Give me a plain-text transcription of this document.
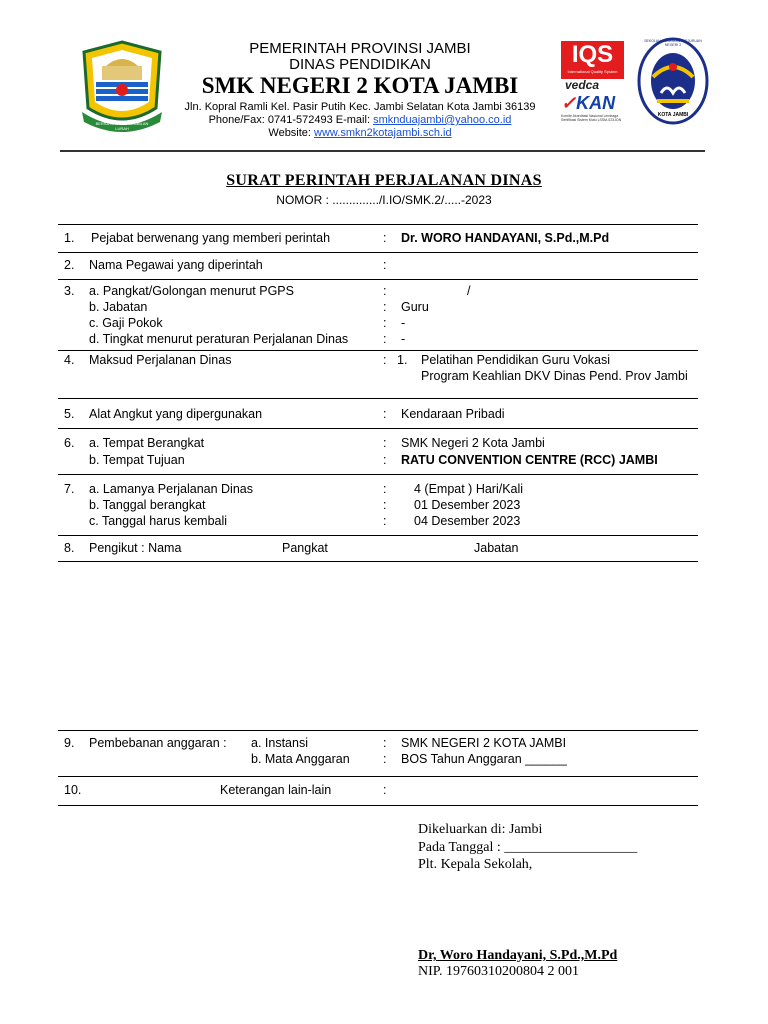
BERSATU JAMBI SEMBILAN LURAH
PEMERINTAH PROVINSI JAMBI
DINAS PENDIDIKAN
SMK NEGERI 2 KOTA JAMBI
Jln. Kopral Ramli Kel. Pasir Putih Kec. Jambi Selatan Kota Jambi 36139
Phone/Fax: 0741-572493 E-mail: smknduajambi@yahoo.co.id
Website: www.smkn2kotajambi.sch.id
IQS
International Quality System
vedca
✓KAN
Komite Akreditasi Nasional Lembaga Sertifikasi Sistem Mutu LSSM-023-IDN
SEKOLAH MENENGAH KEJURUAN NEGERI 2
KOTA JAMBI
SURAT PERINTAH PERJALANAN DINAS
NOMOR : ............../I.IO/SMK.2/.....-2023
1. Pejabat berwenang yang memberi perintah	: Dr. WORO HANDAYANI, S.Pd.,M.Pd
2. Nama Pegawai yang diperintah	:
3. a. Pangkat/Golongan menurut PGPS	:	/
b. Jabatan	: Guru
c. Gaji Pokok	: -
d. Tingkat menurut peraturan Perjalanan Dinas	: -
4. Maksud Perjalanan Dinas	: 1. Pelatihan Pendidikan Guru Vokasi
Program Keahlian DKV Dinas Pend. Prov Jambi
5. Alat Angkut yang dipergunakan	: Kendaraan Pribadi
6. a. Tempat Berangkat	: SMK Negeri 2 Kota Jambi
b. Tempat Tujuan	: RATU CONVENTION CENTRE (RCC) JAMBI
7. a. Lamanya Perjalanan Dinas	: 4 (Empat ) Hari/Kali
b. Tanggal berangkat	: 01 Desember 2023
c. Tanggal harus kembali	: 04 Desember 2023
8. Pengikut : Nama	Pangkat	Jabatan
9. Pembebanan anggaran : a. Instansi	: SMK NEGERI 2 KOTA JAMBI
b. Mata Anggaran	: BOS Tahun Anggaran ______
10.	Keterangan lain-lain	:
Dikeluarkan di: Jambi
Pada Tanggal : ___________________
Plt. Kepala Sekolah,
Dr, Woro Handayani, S.Pd.,M.Pd
NIP. 19760310200804 2 001
